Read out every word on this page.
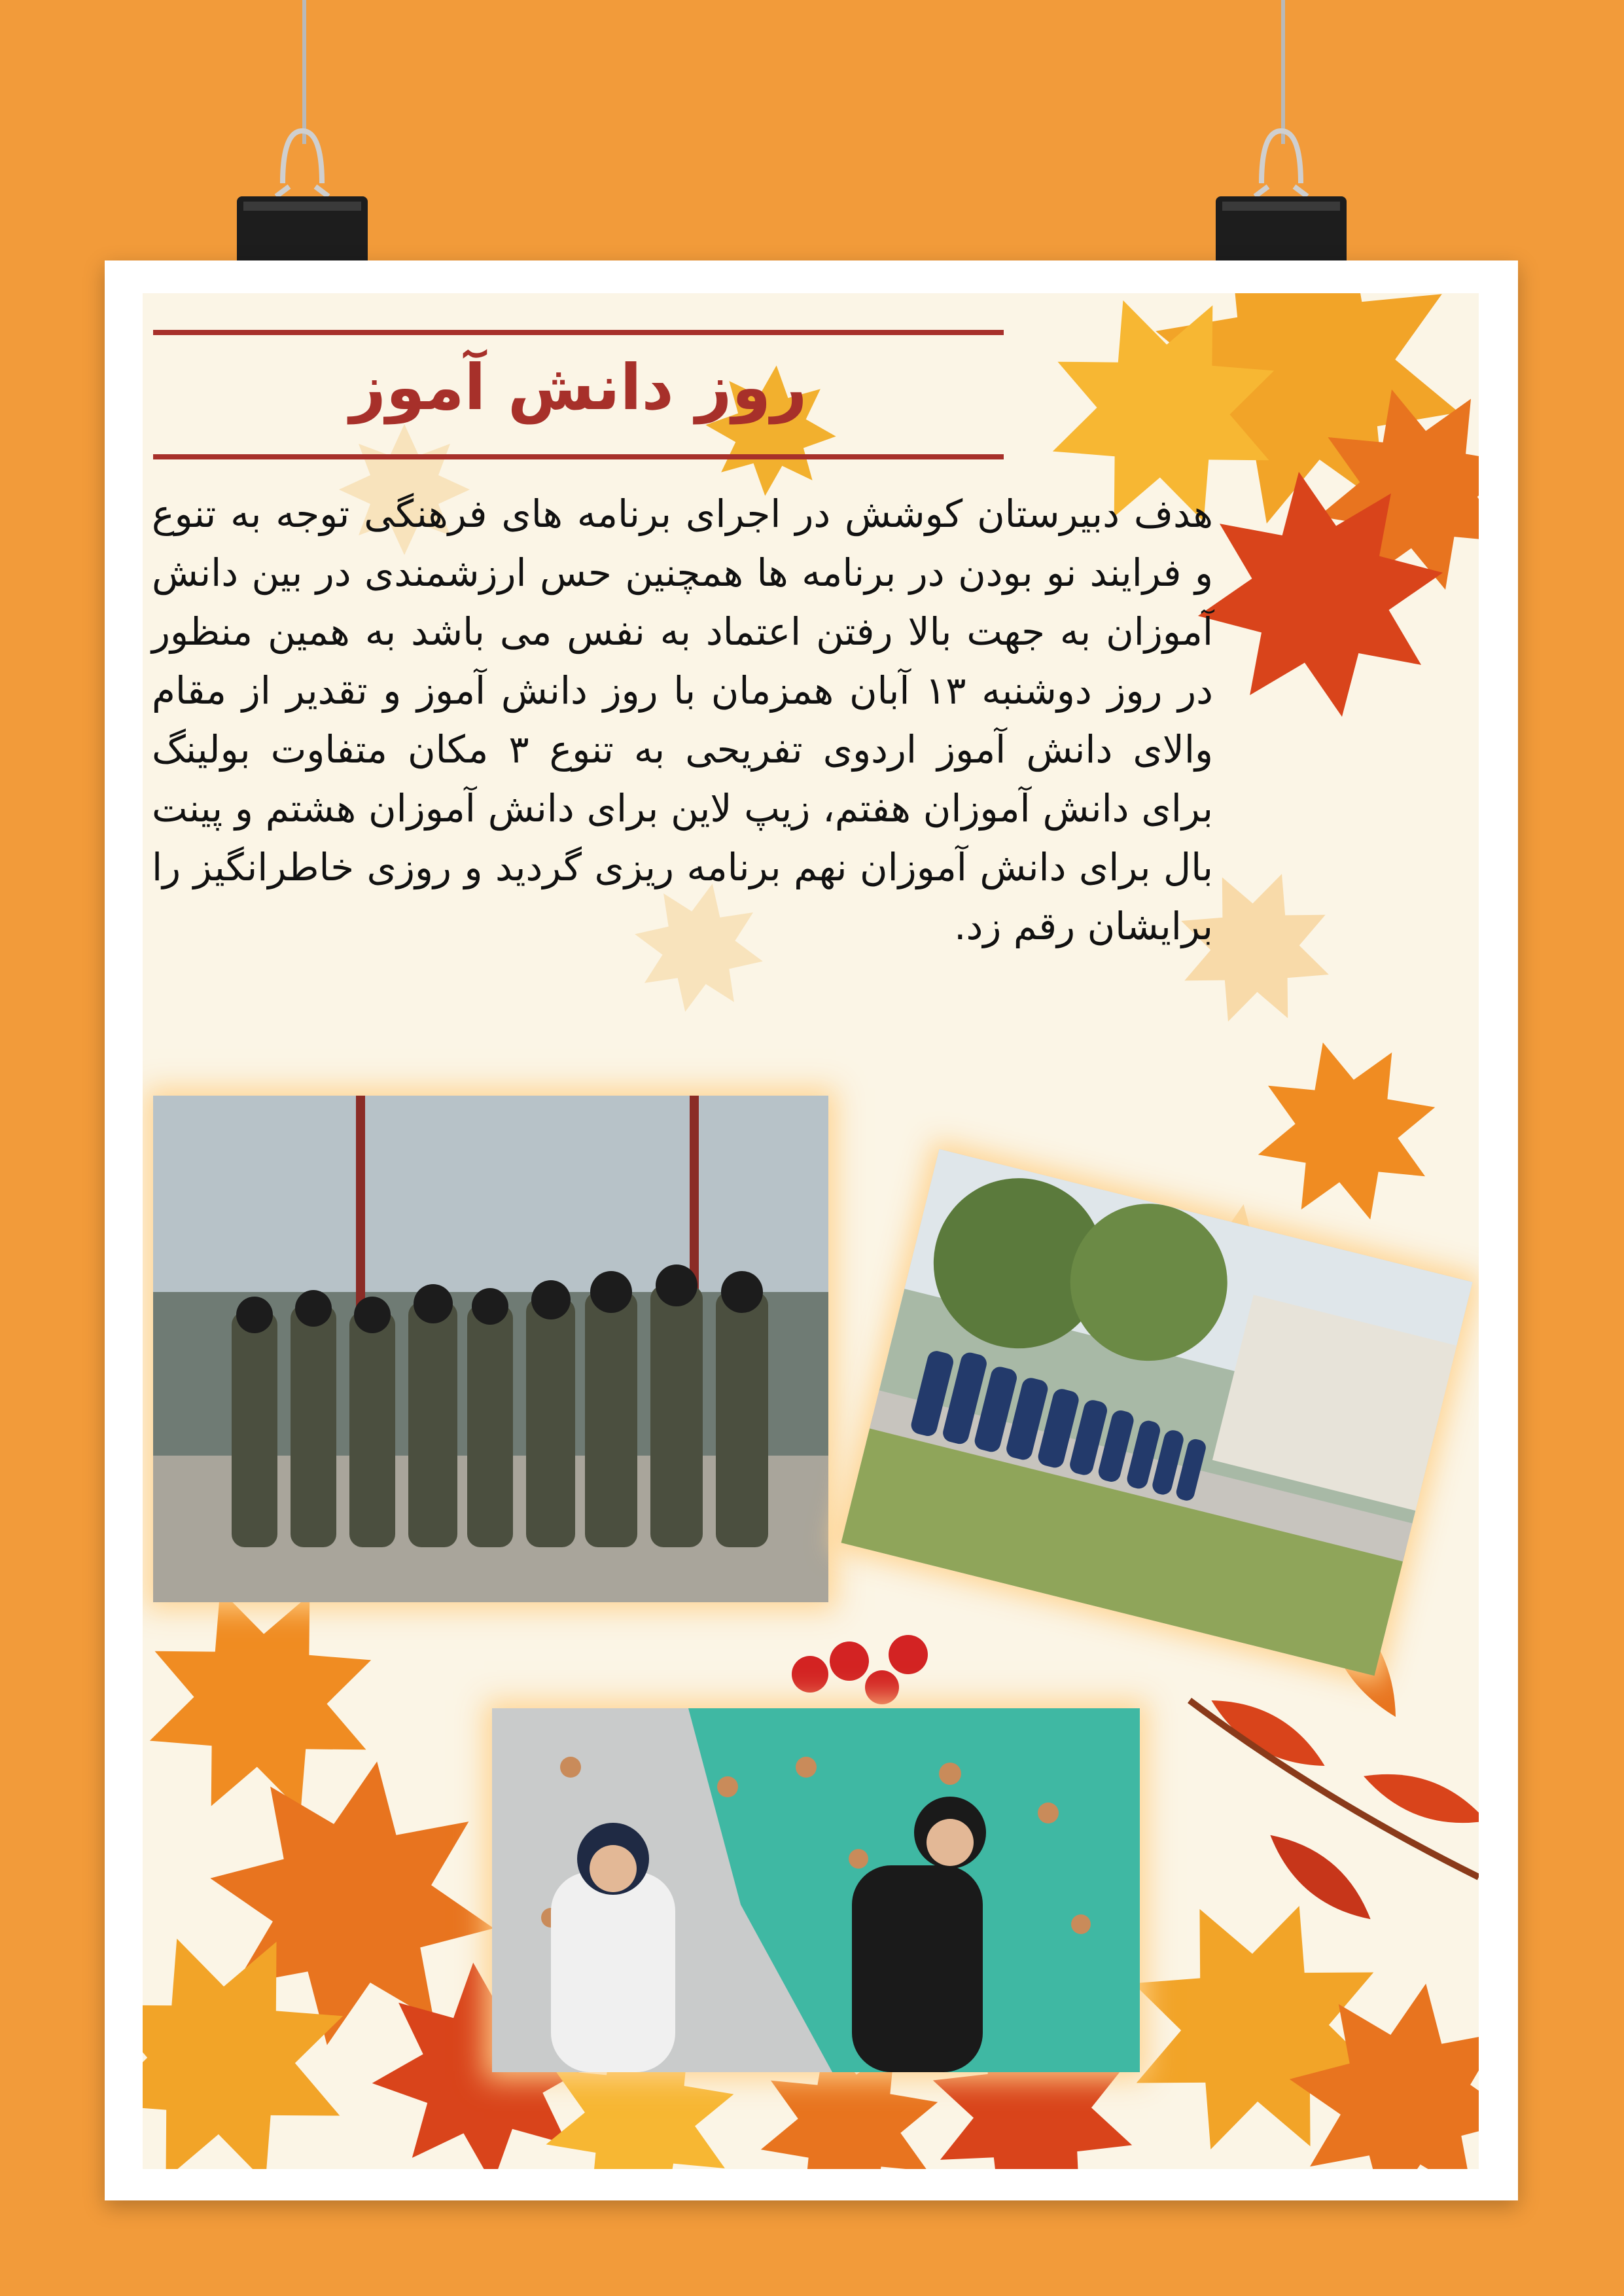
روز دانش آموز
هدف دبیرستان کوشش در اجرای برنامه های فرهنگی توجه به تنوع و فرایند نو بودن در برنامه ها همچنین حس ارزشمندی در بین دانش آموزان به جهت بالا رفتن اعتماد به نفس می باشد به همین منظور در روز دوشنبه ۱۳ آبان همزمان با روز دانش آموز و تقدیر از مقام والای دانش آموز اردوی تفریحی به تنوع ۳ مکان متفاوت بولینگ برای دانش آموزان هفتم، زیپ لاین برای دانش آموزان هشتم و پینت بال برای دانش آموزان نهم برنامه ریزی گردید و روزی خاطرانگیز را برایشان رقم زد.
